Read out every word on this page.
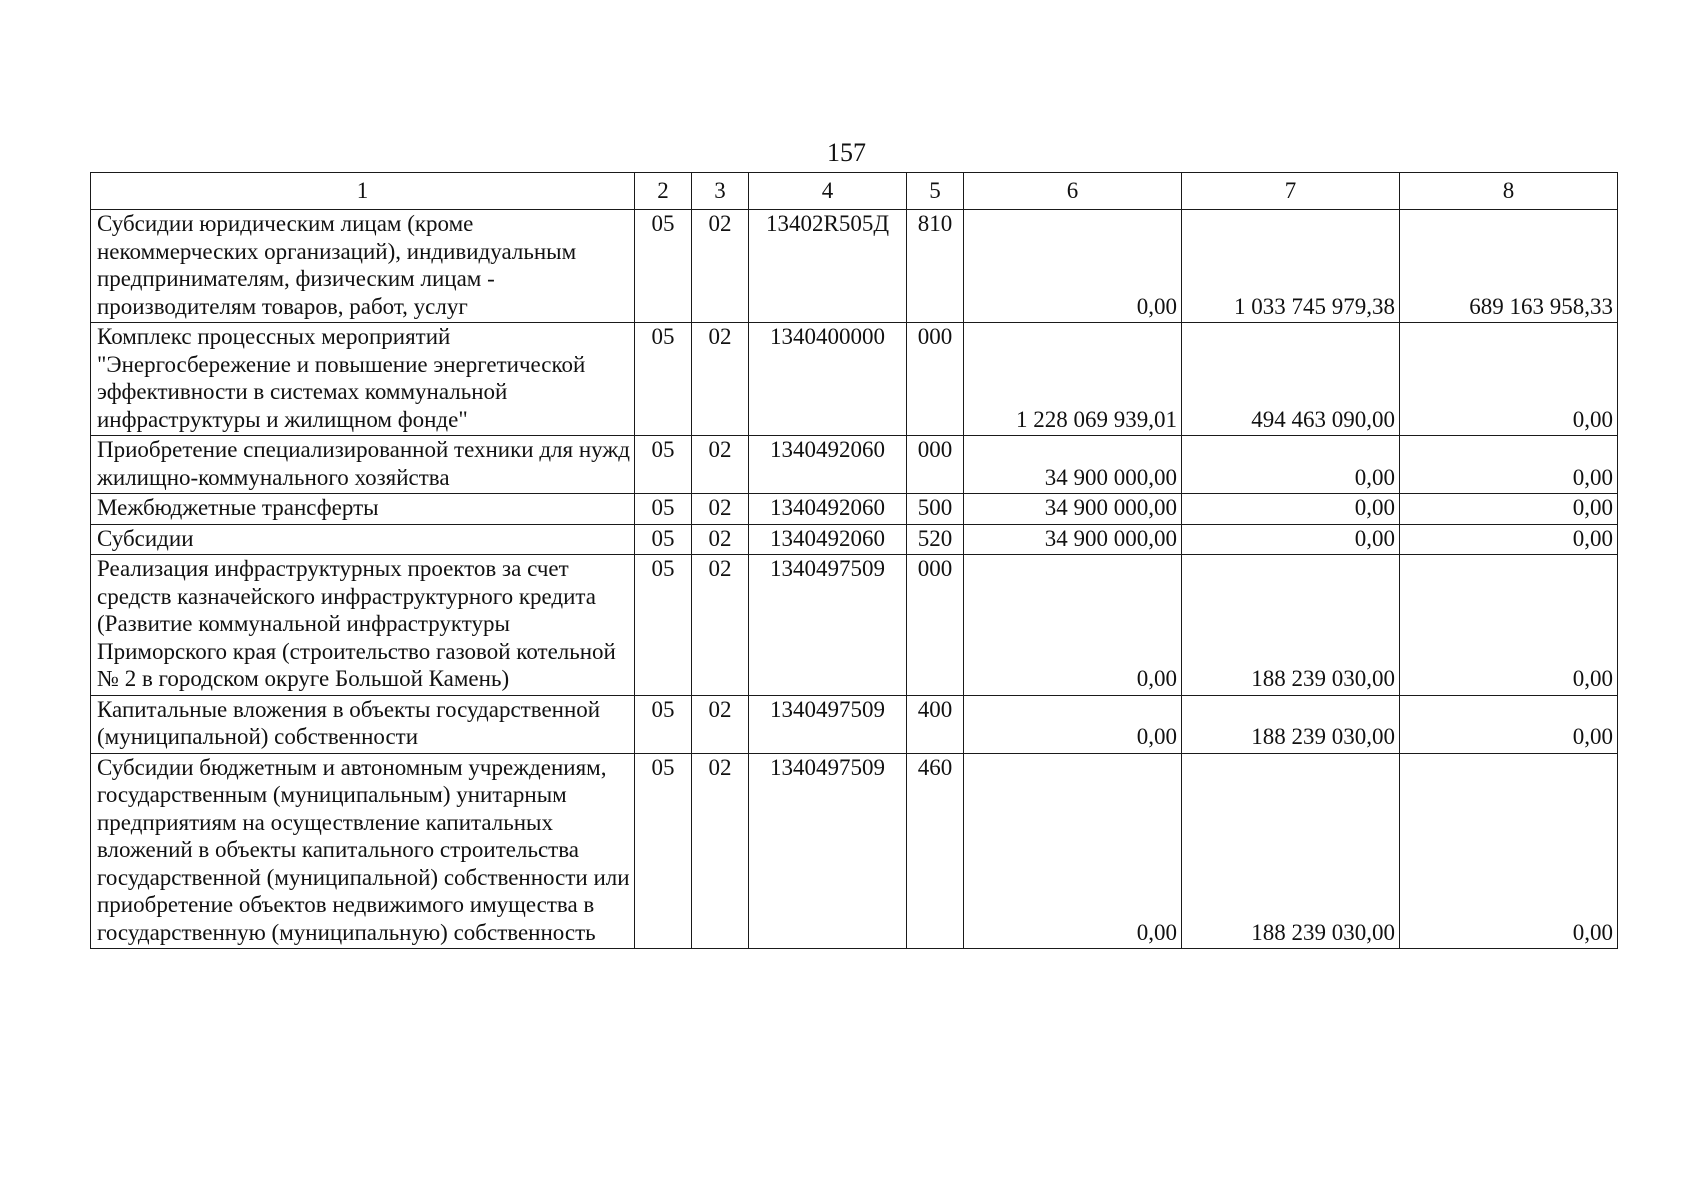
157
1	2	3	4	5	6	7	8
Субсидии юридическим лицам (кроме некоммерческих организаций), индивидуальным предпринимателям, физическим лицам - производителям товаров, работ, услуг	05	02	13402R505Д	810	0,00	1 033 745 979,38	689 163 958,33
Комплекс процессных мероприятий "Энергосбережение и повышение энергетической эффективности в системах коммунальной инфраструктуры и жилищном фонде"	05	02	1340400000	000	1 228 069 939,01	494 463 090,00	0,00
Приобретение специализированной техники для нужд жилищно-коммунального хозяйства	05	02	1340492060	000	34 900 000,00	0,00	0,00
Межбюджетные трансферты	05	02	1340492060	500	34 900 000,00	0,00	0,00
Субсидии	05	02	1340492060	520	34 900 000,00	0,00	0,00
Реализация инфраструктурных проектов за счет средств казначейского инфраструктурного кредита (Развитие коммунальной инфраструктуры Приморского края (строительство газовой котельной № 2 в городском округе Большой Камень)	05	02	1340497509	000	0,00	188 239 030,00	0,00
Капитальные вложения в объекты государственной (муниципальной) собственности	05	02	1340497509	400	0,00	188 239 030,00	0,00
Субсидии бюджетным и автономным учреждениям, государственным (муниципальным) унитарным предприятиям на осуществление капитальных вложений в объекты капитального строительства государственной (муниципальной) собственности или приобретение объектов недвижимого имущества в государственную (муниципальную) собственность	05	02	1340497509	460	0,00	188 239 030,00	0,00
